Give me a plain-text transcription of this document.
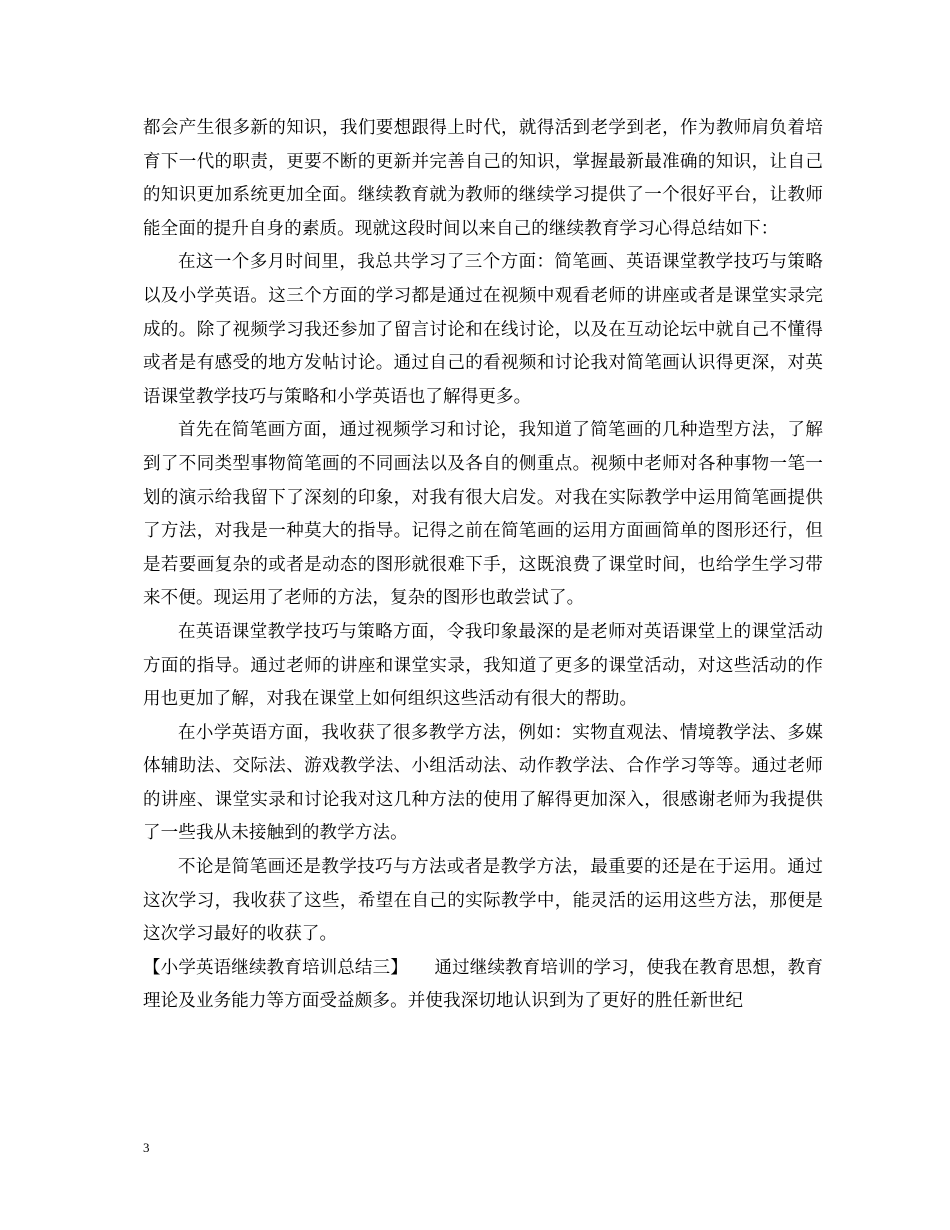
都会产生很多新的知识，我们要想跟得上时代，就得活到老学到老，作为教师肩负着培育下一代的职责，更要不断的更新并完善自己的知识，掌握最新最准确的知识，让自己的知识更加系统更加全面。继续教育就为教师的继续学习提供了一个很好平台，让教师能全面的提升自身的素质。现就这段时间以来自己的继续教育学习心得总结如下：

在这一个多月时间里，我总共学习了三个方面：简笔画、英语课堂教学技巧与策略以及小学英语。这三个方面的学习都是通过在视频中观看老师的讲座或者是课堂实录完成的。除了视频学习我还参加了留言讨论和在线讨论，以及在互动论坛中就自己不懂得或者是有感受的地方发帖讨论。通过自己的看视频和讨论我对简笔画认识得更深，对英语课堂教学技巧与策略和小学英语也了解得更多。

首先在简笔画方面，通过视频学习和讨论，我知道了简笔画的几种造型方法，了解到了不同类型事物简笔画的不同画法以及各自的侧重点。视频中老师对各种事物一笔一划的演示给我留下了深刻的印象，对我有很大启发。对我在实际教学中运用简笔画提供了方法，对我是一种莫大的指导。记得之前在简笔画的运用方面画简单的图形还行，但是若要画复杂的或者是动态的图形就很难下手，这既浪费了课堂时间，也给学生学习带来不便。现运用了老师的方法，复杂的图形也敢尝试了。

在英语课堂教学技巧与策略方面，令我印象最深的是老师对英语课堂上的课堂活动方面的指导。通过老师的讲座和课堂实录，我知道了更多的课堂活动，对这些活动的作用也更加了解，对我在课堂上如何组织这些活动有很大的帮助。

在小学英语方面，我收获了很多教学方法，例如：实物直观法、情境教学法、多媒体辅助法、交际法、游戏教学法、小组活动法、动作教学法、合作学习等等。通过老师的讲座、课堂实录和讨论我对这几种方法的使用了解得更加深入，很感谢老师为我提供了一些我从未接触到的教学方法。

不论是简笔画还是教学技巧与方法或者是教学方法，最重要的还是在于运用。通过这次学习，我收获了这些，希望在自己的实际教学中，能灵活的运用这些方法，那便是这次学习最好的收获了。

【小学英语继续教育培训总结三】　　通过继续教育培训的学习，使我在教育思想，教育理论及业务能力等方面受益颇多。并使我深切地认识到为了更好的胜任新世纪

3
